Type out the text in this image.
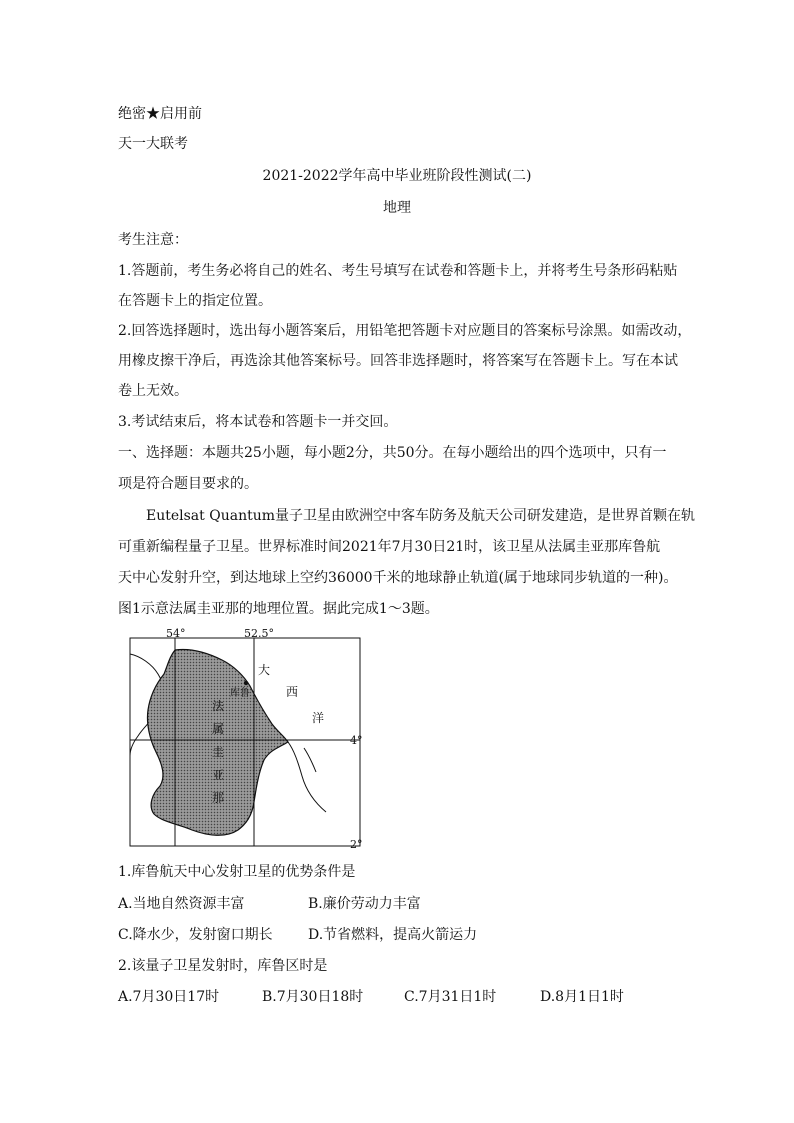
绝密★启用前
天一大联考
2021-2022学年高中毕业班阶段性测试(二)
地理
考生注意：
1.答题前，考生务必将自己的姓名、考生号填写在试卷和答题卡上，并将考生号条形码粘贴
在答题卡上的指定位置。
2.回答选择题时，选出每小题答案后，用铅笔把答题卡对应题目的答案标号涂黑。如需改动，
用橡皮擦干净后，再选涂其他答案标号。回答非选择题时，将答案写在答题卡上。写在本试
卷上无效。
3.考试结束后，将本试卷和答题卡一并交回。
一、选择题：本题共25小题，每小题2分，共50分。在每小题给出的四个选项中，只有一
项是符合题目要求的。
Eutelsat Quantum量子卫星由欧洲空中客车防务及航天公司研发建造，是世界首颗在轨
可重新编程量子卫星。世界标准时间2021年7月30日21时，该卫星从法属圭亚那库鲁航
天中心发射升空，到达地球上空约36000千米的地球静止轨道(属于地球同步轨道的一种)。
图1示意法属圭亚那的地理位置。据此完成1～3题。
54°	52.5°
4°
2°
库鲁
大
西
洋
法
属
圭
亚
那
1.库鲁航天中心发射卫星的优势条件是
A.当地自然资源丰富	B.廉价劳动力丰富
C.降水少，发射窗口期长	D.节省燃料，提高火箭运力
2.该量子卫星发射时，库鲁区时是
A.7月30日17时	B.7月30日18时	C.7月31日1时	D.8月1日1时
